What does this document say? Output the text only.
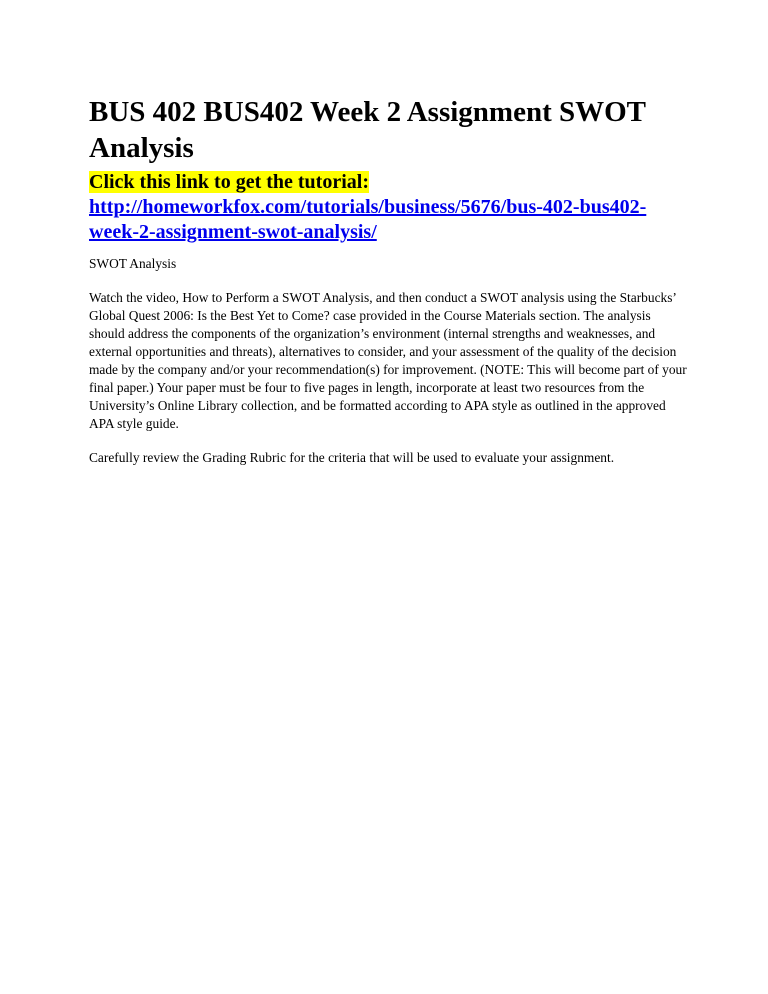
BUS 402 BUS402 Week 2 Assignment SWOT Analysis
Click this link to get the tutorial:
http://homeworkfox.com/tutorials/business/5676/bus-402-bus402-week-2-assignment-swot-analysis/
SWOT Analysis
Watch the video, How to Perform a SWOT Analysis, and then conduct a SWOT analysis using the Starbucks’ Global Quest 2006: Is the Best Yet to Come? case provided in the Course Materials section. The analysis should address the components of the organization’s environment (internal strengths and weaknesses, and external opportunities and threats), alternatives to consider, and your assessment of the quality of the decision made by the company and/or your recommendation(s) for improvement. (NOTE: This will become part of your final paper.) Your paper must be four to five pages in length, incorporate at least two resources from the University’s Online Library collection, and be formatted according to APA style as outlined in the approved APA style guide.
Carefully review the Grading Rubric for the criteria that will be used to evaluate your assignment.
